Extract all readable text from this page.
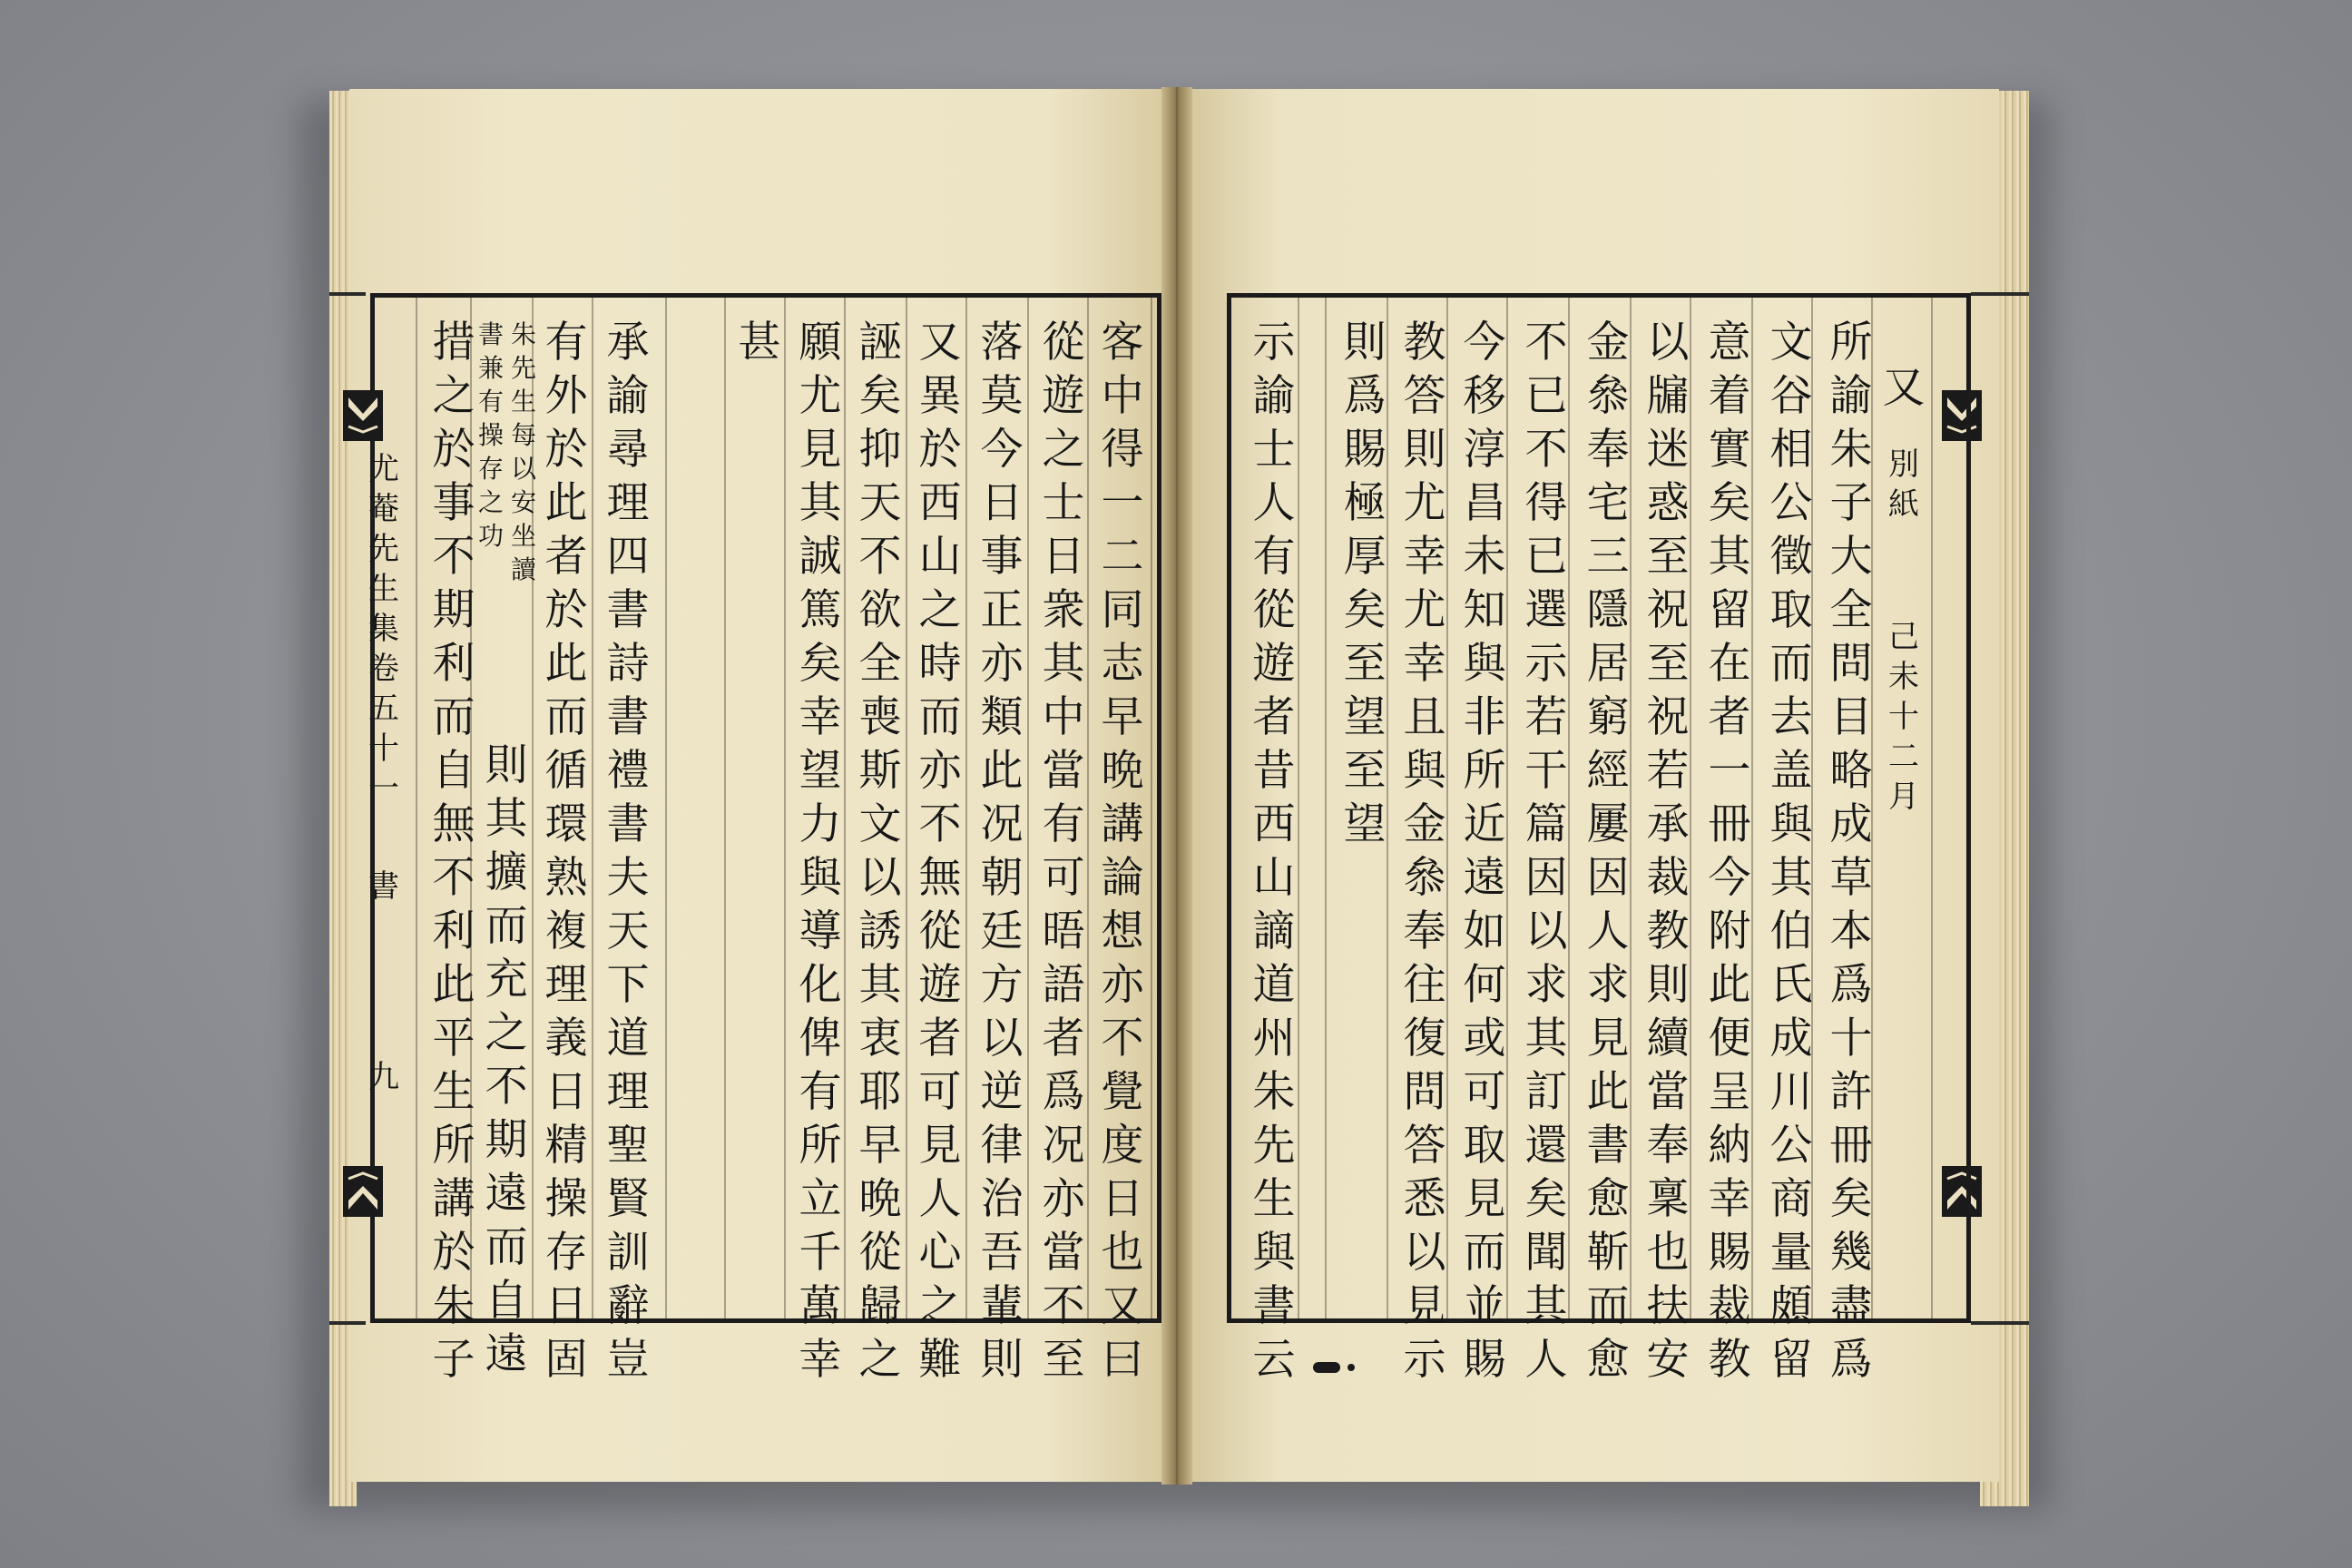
尤
菴
先
生
集
卷
五
十
一
書
九
又
別
紙
己
未
十
二
月
客
中
得
一
二
同
志
早
晩
講
論
想
亦
不
覺
度
日
也
又
曰
從
遊
之
士
日
衆
其
中
當
有
可
晤
語
者
爲
况
亦
當
不
至
落
莫
今
日
事
正
亦
類
此
况
朝
廷
方
以
逆
律
治
吾
輩
則
又
異
於
西
山
之
時
而
亦
不
無
從
遊
者
可
見
人
心
之
難
誣
矣
抑
天
不
欲
全
喪
斯
文
以
誘
其
衷
耶
早
晩
從
歸
之
願
尤
見
其
誠
篤
矣
幸
望
力
與
導
化
俾
有
所
立
千
萬
幸
甚
承
諭
尋
理
四
書
詩
書
禮
書
夫
天
下
道
理
聖
賢
訓
辭
豈
有
外
於
此
者
於
此
而
循
環
熟
複
理
義
日
精
操
存
日
固
則
其
擴
而
充
之
不
期
遠
而
自
遠
措
之
於
事
不
期
利
而
自
無
不
利
此
平
生
所
講
於
朱
子
朱
先
生
每
以
安
坐
讀
書
兼
有
操
存
之
功
所
諭
朱
子
大
全
問
目
略
成
草
本
爲
十
許
冊
矣
幾
盡
爲
文
谷
相
公
徵
取
而
去
盖
與
其
伯
氏
成
川
公
商
量
頗
留
意
着
實
矣
其
留
在
者
一
冊
今
附
此
便
呈
納
幸
賜
裁
教
以
牖
迷
惑
至
祝
至
祝
若
承
裁
教
則
續
當
奉
稟
也
扶
安
金
叅
奉
宅
三
隱
居
窮
經
屢
因
人
求
見
此
書
愈
靳
而
愈
不
已
不
得
已
選
示
若
干
篇
因
以
求
其
訂
還
矣
聞
其
人
今
移
淳
昌
未
知
與
非
所
近
遠
如
何
或
可
取
見
而
並
賜
教
答
則
尤
幸
尤
幸
且
與
金
叅
奉
往
復
問
答
悉
以
見
示
則
爲
賜
極
厚
矣
至
望
至
望
示
諭
士
人
有
從
遊
者
昔
西
山
謫
道
州
朱
先
生
與
書
云
